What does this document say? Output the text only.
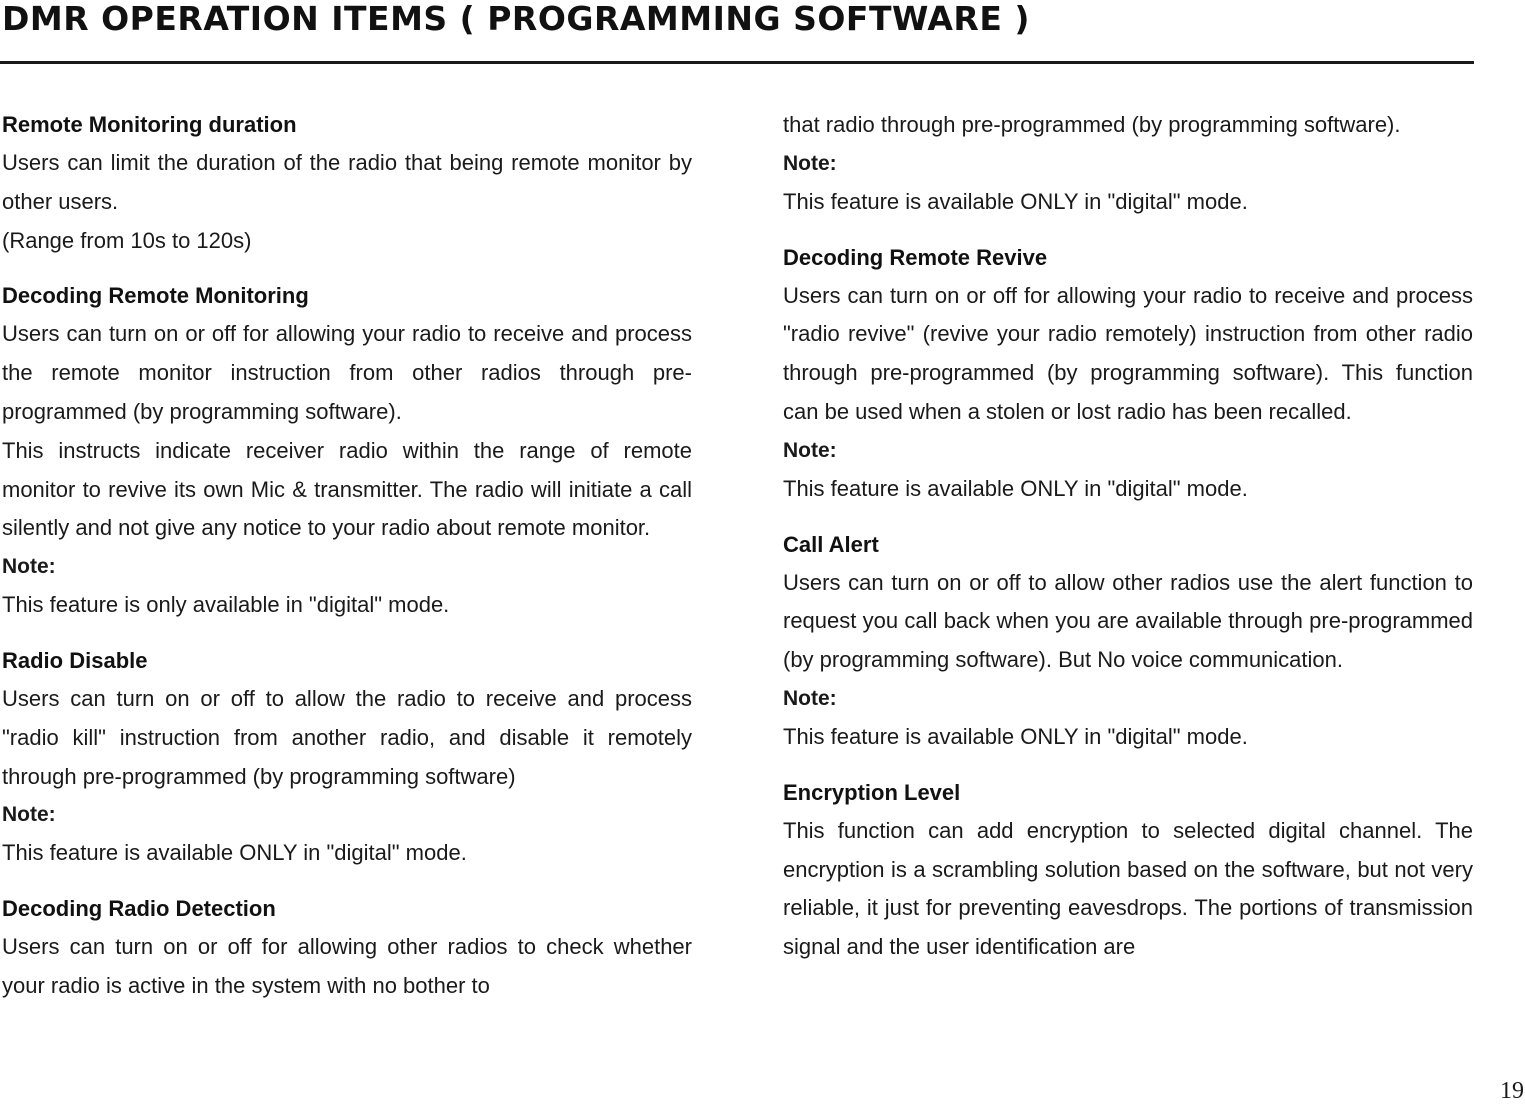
DMR OPERATION ITEMS ( PROGRAMMING SOFTWARE )

Remote Monitoring duration

Users can limit the duration of the radio that being remote monitor by other users.

(Range from 10s to 120s)

Decoding Remote Monitoring

Users can turn on or off for allowing your radio to receive and process the remote monitor instruction from other radios through pre-programmed (by programming software).

This instructs indicate receiver radio within the range of remote monitor to revive its own Mic & transmitter. The radio will initiate a call silently and not give any notice to your radio about remote monitor.

Note:

This feature is only available in "digital" mode.

Radio Disable

Users can turn on or off to allow the radio to receive and process "radio kill" instruction from another radio, and disable it remotely through pre-programmed (by programming software)

Note:

This feature is available ONLY in "digital" mode.

Decoding Radio Detection

Users can turn on or off for allowing other radios to check whether your radio is active in the system with no bother to

that radio through pre-programmed (by programming software).

Note:

This feature is available ONLY in "digital" mode.

Decoding Remote Revive

Users can turn on or off for allowing your radio to receive and process "radio revive" (revive your radio remotely) instruction from other radio through pre-programmed (by programming software). This function can be used when a stolen or lost radio has been recalled.

Note:

This feature is available ONLY in "digital" mode.

Call Alert

Users can turn on or off to allow other radios use the alert function to request you call back when you are available through pre-programmed (by programming software). But No voice communication.

Note:

This feature is available ONLY in "digital" mode.

Encryption Level

This function can add encryption to selected digital channel. The encryption is a scrambling solution based on the software, but not very reliable, it just for preventing eavesdrops. The portions of transmission signal and the user identification are

19
